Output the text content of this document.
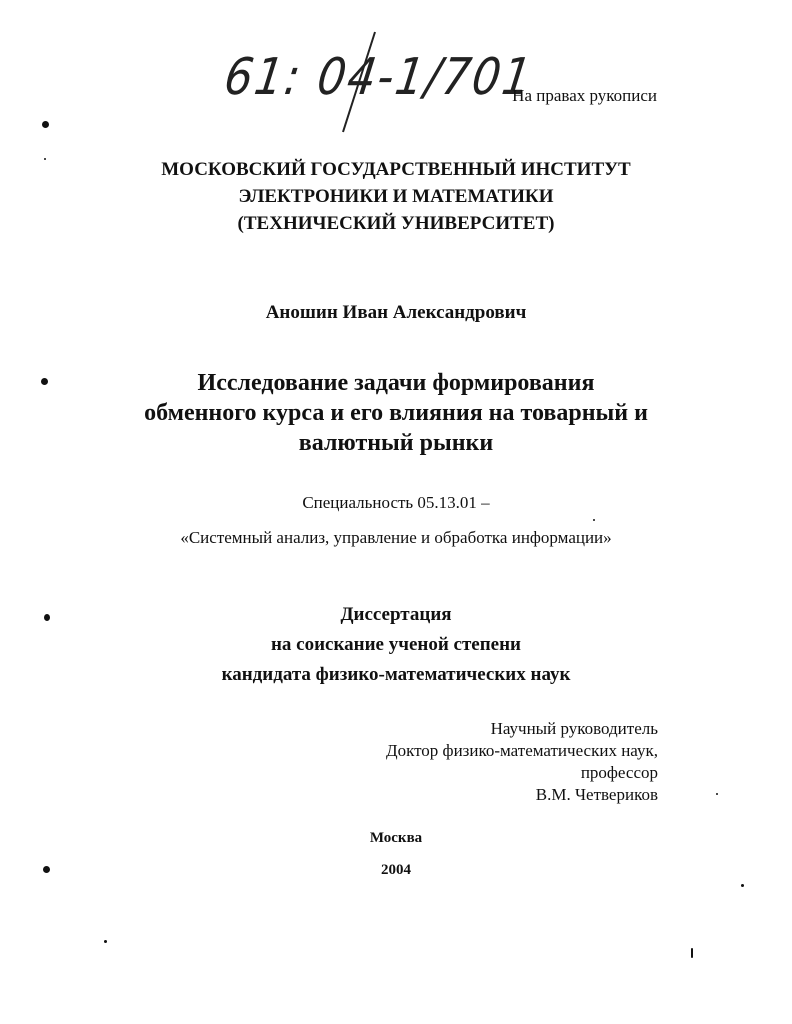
61: 04-1/701
На правах рукописи
МОСКОВСКИЙ ГОСУДАРСТВЕННЫЙ ИНСТИТУТ
ЭЛЕКТРОНИКИ И МАТЕМАТИКИ
(ТЕХНИЧЕСКИЙ УНИВЕРСИТЕТ)
Аношин Иван Александрович
Исследование задачи формирования
обменного курса и его влияния на товарный и
валютный рынки
Специальность 05.13.01 –
«Системный анализ, управление и обработка информации»
Диссертация
на соискание ученой степени
кандидата физико-математических наук
Научный руководитель
Доктор физико-математических наук,
профессор
В.М. Четвериков
Москва
2004
